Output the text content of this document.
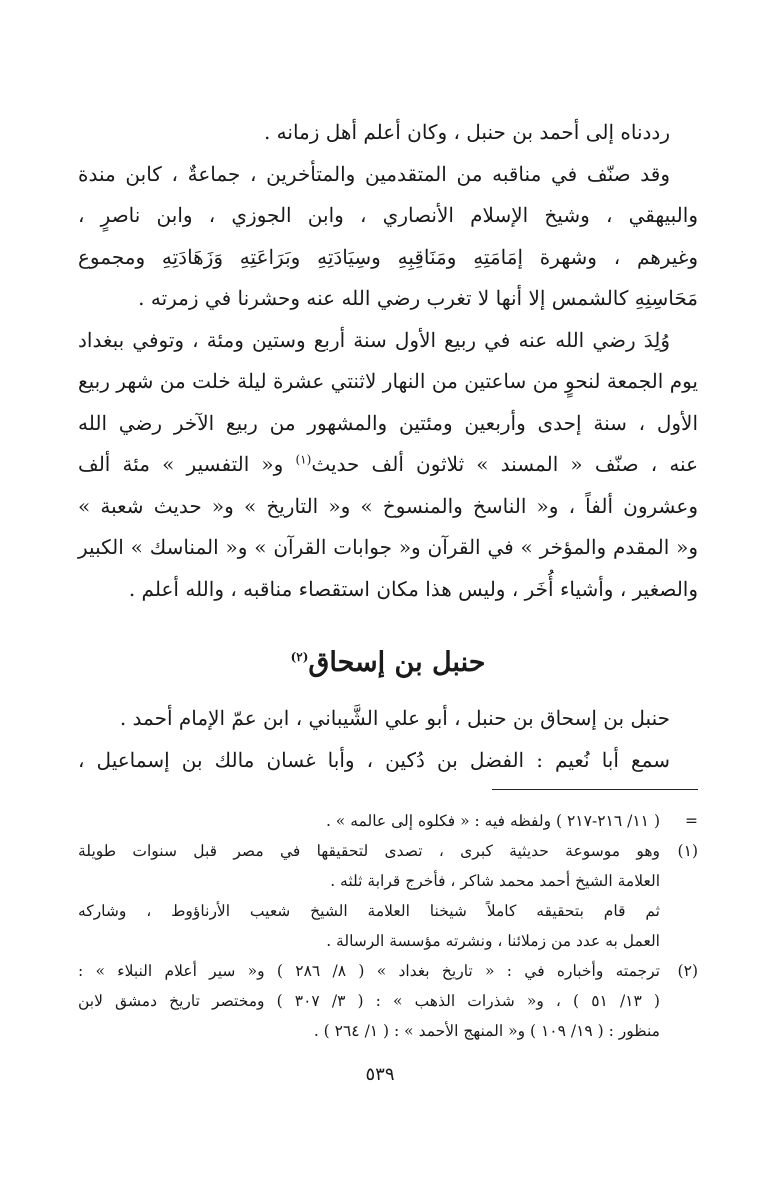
رددناه إلى أحمد بن حنبل ، وكان أعلم أهل زمانه .

وقد صنّف في مناقبه من المتقدمين والمتأخرين ، جماعةٌ ، كابن مندة
والبيهقي ، وشيخ الإسلام الأنصاري ، وابن الجوزي ، وابن ناصرٍ ،
وغيرهم ، وشهرة إمَامَتِهِ ومَنَاقِبِهِ وسِيَادَتِهِ وبَرَاعَتِهِ وَزَهَادَتِهِ ومجموع
مَحَاسِنِهِ كالشمس إلا أنها لا تغرب رضي الله عنه وحشرنا في زمرته .

وُلِدَ رضي الله عنه في ربيع الأول سنة أربع وستين ومئة ، وتوفي ببغداد
يوم الجمعة لنحوٍ من ساعتين من النهار لاثنتي عشرة ليلة خلت من شهر ربيع
الأول ، سنة إحدى وأربعين ومئتين والمشهور من ربيع الآخر رضي الله
عنه ، صنّف « المسند » ثلاثون ألف حديث$^{(١)}$ و« التفسير » مئة ألف
وعشرون ألفاً ، و« الناسخ والمنسوخ » و« التاريخ » و« حديث شعبة »
و« المقدم والمؤخر » في القرآن و« جوابات القرآن » و« المناسك » الكبير
والصغير ، وأشياء أُخَر ، وليس هذا مكان استقصاء مناقبه ، والله أعلم .

حنبل بن إسحاق$^{(٢)}$

حنبل بن إسحاق بن حنبل ، أبو علي الشَّيباني ، ابن عمّ الإمام أحمد .
سمع أبا نُعيم : الفضل بن دُكين ، وأبا غسان مالك بن إسماعيل ،

=
( ١١/ ٢١٦-٢١٧ ) ولفظه فيه : « فكلوه إلى عالمه » .
(١)
وهو موسوعة حديثية كبرى ، تصدى لتحقيقها في مصر قبل سنوات طويلة
العلامة الشيخ أحمد محمد شاكر ، فأخرج قرابة ثلثه .
ثم قام بتحقيقه كاملاً شيخنا العلامة الشيخ شعيب الأرناؤوط ، وشاركه
العمل به عدد من زملائنا ، ونشرته مؤسسة الرسالة .
(٢)
ترجمته وأخباره في : « تاريخ بغداد » ( ٨/ ٢٨٦ ) و« سير أعلام النبلاء » :
( ١٣/ ٥١ ) ، و« شذرات الذهب » : ( ٣/ ٣٠٧ ) ومختصر تاريخ دمشق لابن
منظور : ( ١٩/ ١٠٩ ) و« المنهج الأحمد » : ( ١/ ٢٦٤ ) .
٥٣٩
